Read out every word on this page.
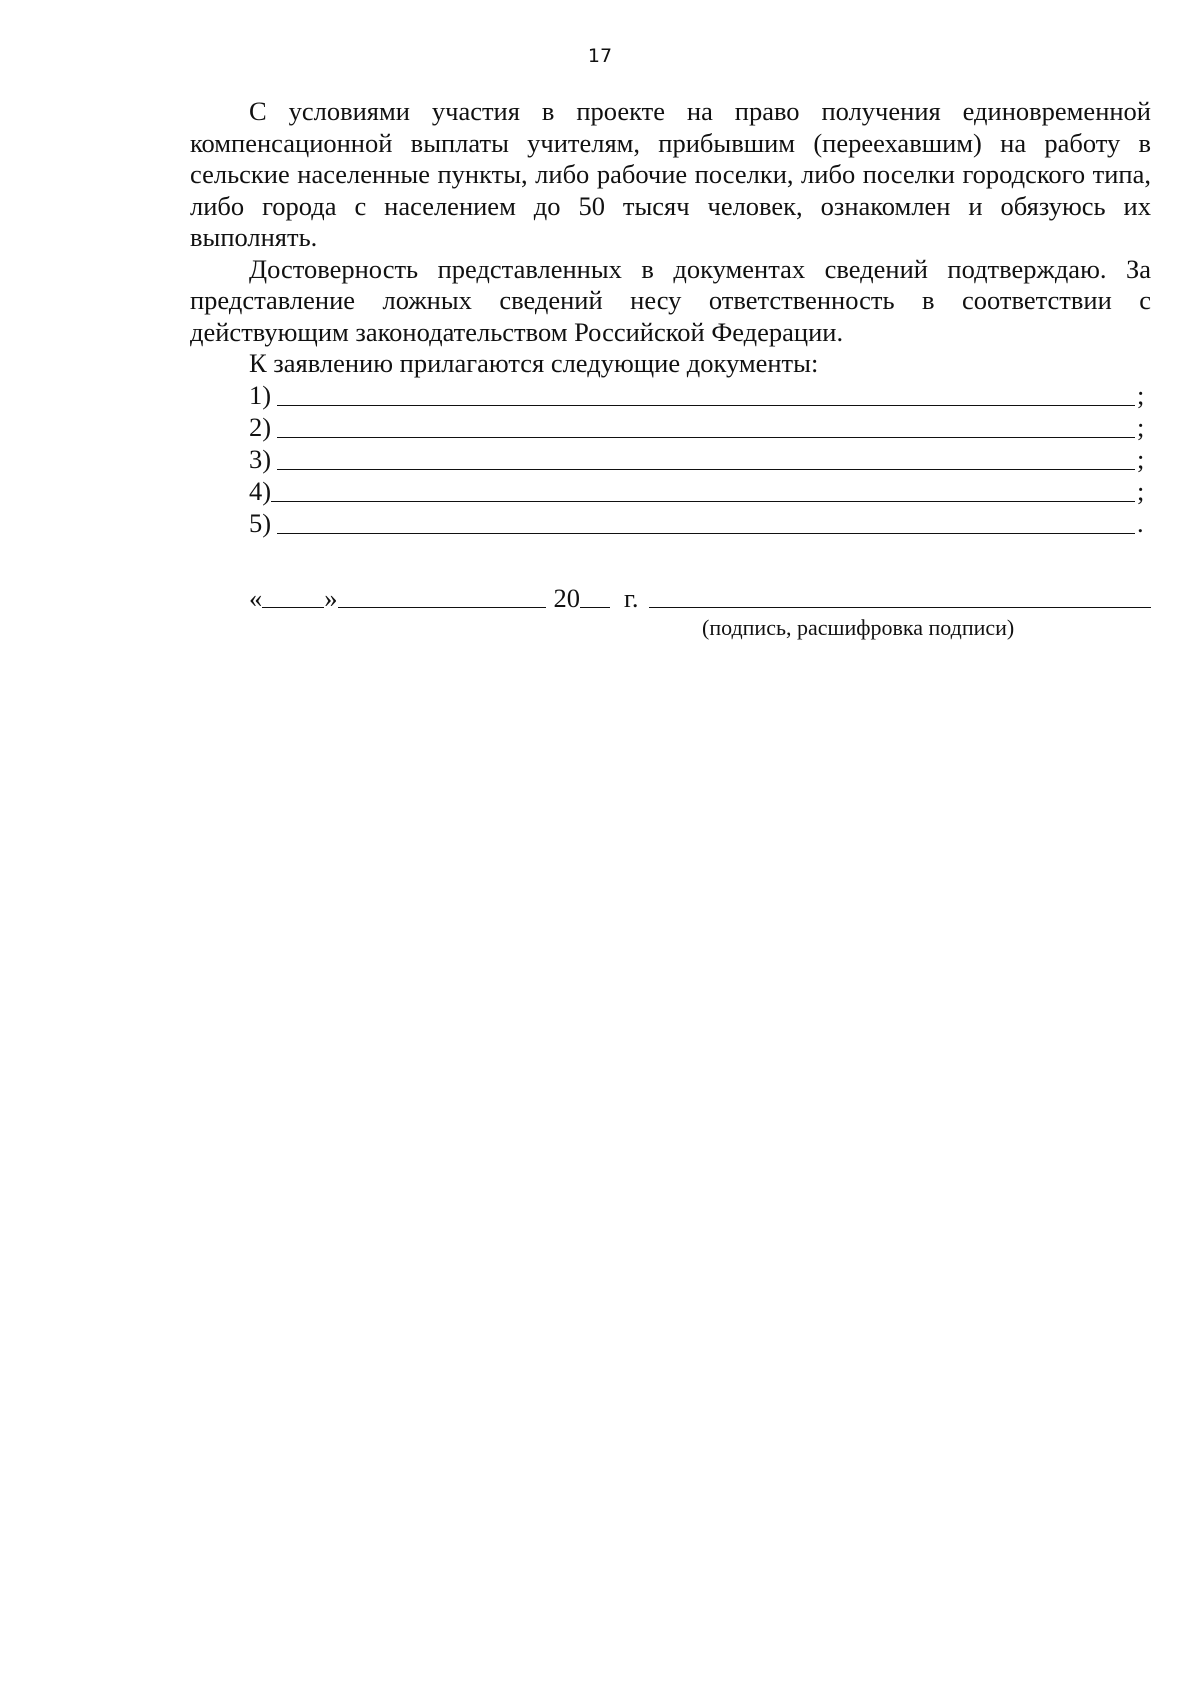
17

С условиями участия в проекте на право получения единовременной компенсационной выплаты учителям, прибывшим (переехавшим) на работу в сельские населенные пункты, либо рабочие поселки, либо поселки городского типа, либо города с населением до 50 тысяч человек, ознакомлен и обязуюсь их выполнять.

Достоверность представленных в документах сведений подтверждаю. За представление ложных сведений несу ответственность в соответствии с действующим законодательством Российской Федерации.

К заявлению прилагаются следующие документы:

1)	;
2)	;
3)	;
4)	;
5)	.
« »	20 г.
(подпись, расшифровка подписи)
